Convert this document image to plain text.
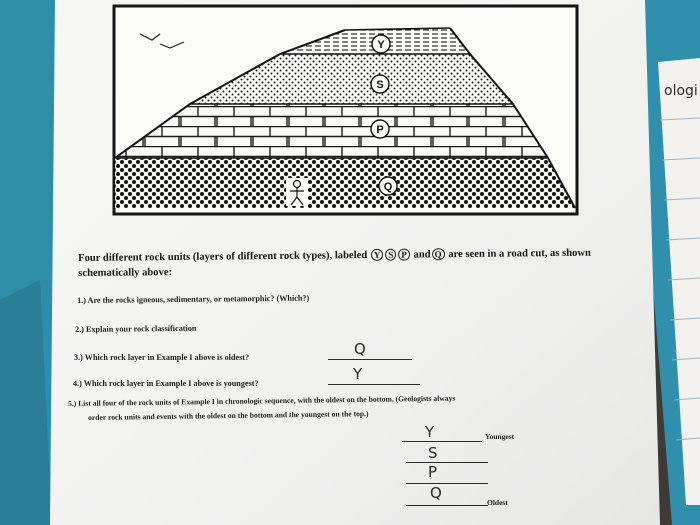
ologi
Y
S
P
Q

Four different rock units (layers of different rock types), labeled Y S P and Q are seen in a road cut, as shown schematically above:

1.) Are the rocks igneous, sedimentary, or metamorphic? (Which?)

2.) Explain your rock classification

3.) Which rock layer in Example I above is oldest?	Q

4.) Which rock layer in Example I above is youngest?

Y

5.) List all four of the rock units of Example I in chronologic sequence, with the oldest on the bottom. (Geologists always

order rock units and events with the oldest on the bottom and the youngest on the top.)

Y	Youngest
S
P
Q
Oldest
